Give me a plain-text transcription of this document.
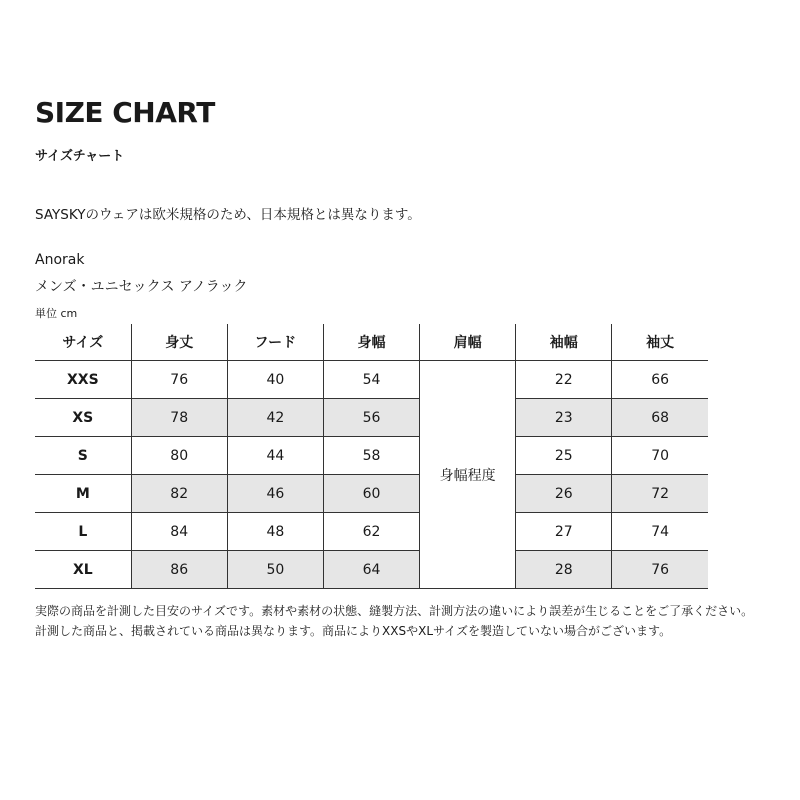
SIZE CHART

サイズチャート

SAYSKYのウェアは欧米規格のため、日本規格とは異なります。

Anorak

メンズ・ユニセックス アノラック

単位 cm

サイズ	身丈	フード	身幅	肩幅	袖幅	袖丈
XXS	76	40	54	身幅程度	22	66
XS	78	42	56		23	68
S	80	44	58		25	70
M	82	46	60		26	72
L	84	48	62		27	74
XL	86	50	64		28	76

実際の商品を計測した目安のサイズです。素材や素材の状態、縫製方法、計測方法の違いにより誤差が生じることをご了承ください。
計測した商品と、掲載されている商品は異なります。商品によりXXSやXLサイズを製造していない場合がございます。
